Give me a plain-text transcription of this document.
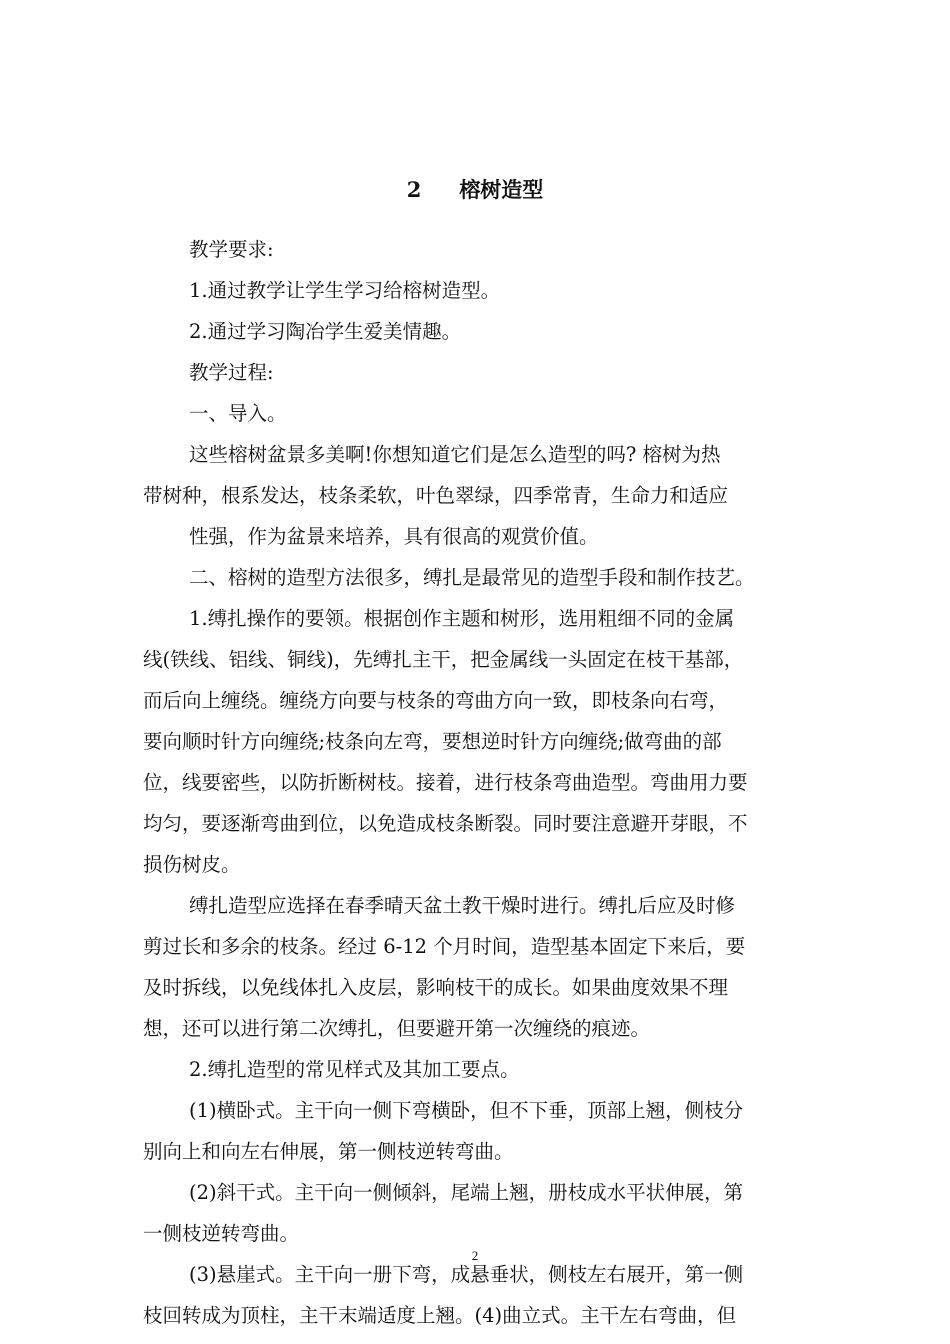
2 榕树造型
教学要求:
1.通过教学让学生学习给榕树造型。
2.通过学习陶冶学生爱美情趣。
教学过程:
一、导入。
这些榕树盆景多美啊!你想知道它们是怎么造型的吗? 榕树为热
带树种，根系发达，枝条柔软，叶色翠绿，四季常青，生命力和适应
性强，作为盆景来培养，具有很高的观赏价值。
二、榕树的造型方法很多，缚扎是最常见的造型手段和制作技艺。
1.缚扎操作的要领。根据创作主题和树形，选用粗细不同的金属
线(铁线、铝线、铜线)，先缚扎主干，把金属线一头固定在枝干基部，
而后向上缠绕。缠绕方向要与枝条的弯曲方向一致，即枝条向右弯，
要向顺时针方向缠绕;枝条向左弯，要想逆时针方向缠绕;做弯曲的部
位，线要密些，以防折断树枝。接着，进行枝条弯曲造型。弯曲用力要
均匀，要逐渐弯曲到位，以免造成枝条断裂。同时要注意避开芽眼，不
损伤树皮。
缚扎造型应选择在春季晴天盆土教干燥时进行。缚扎后应及时修
剪过长和多余的枝条。经过 6-12 个月时间，造型基本固定下来后，要
及时拆线，以免线体扎入皮层，影响枝干的成长。如果曲度效果不理
想，还可以进行第二次缚扎，但要避开第一次缠绕的痕迹。
2.缚扎造型的常见样式及其加工要点。
(1)横卧式。主干向一侧下弯横卧，但不下垂，顶部上翘，侧枝分
别向上和向左右伸展，第一侧枝逆转弯曲。
(2)斜干式。主干向一侧倾斜，尾端上翘，册枝成水平状伸展，第
一侧枝逆转弯曲。
(3)悬崖式。主干向一册下弯，成悬垂状，侧枝左右展开，第一侧
枝回转成为顶柱，主干末端适度上翘。(4)曲立式。主干左右弯曲，但
2
